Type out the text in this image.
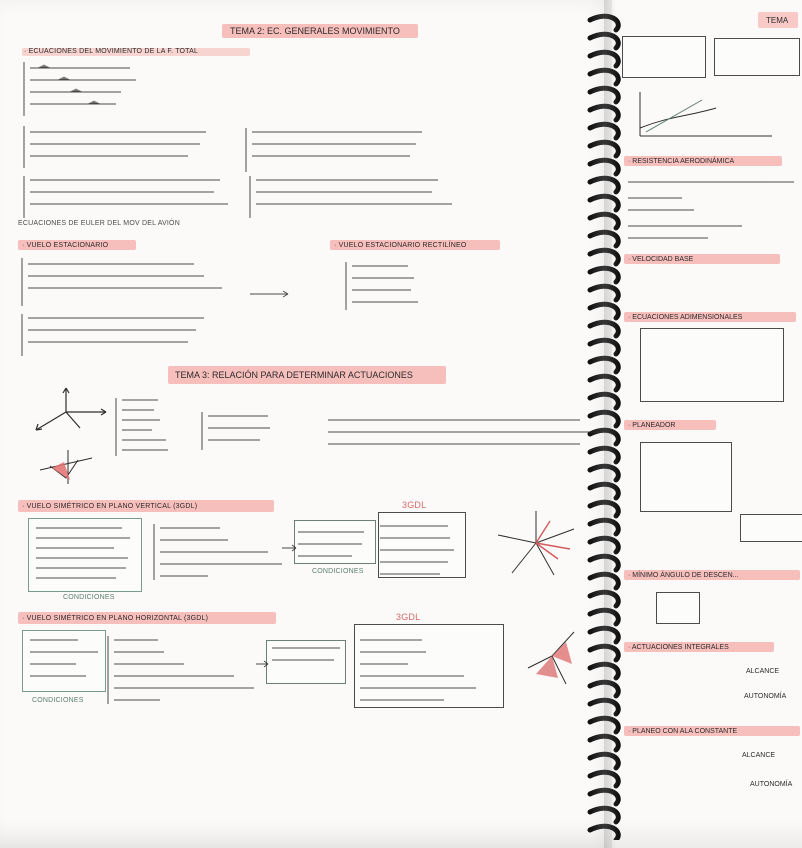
TEMA 2: EC. GENERALES MOVIMIENTO
· ECUACIONES DEL MOVIMIENTO DE LA F. TOTAL
ECUACIONES DE EULER DEL MOV DEL AVIÓN
· VUELO ESTACIONARIO	· VUELO ESTACIONARIO RECTILÍNEO
TEMA 3: RELACIÓN PARA DETERMINAR ACTUACIONES
· VUELO SIMÉTRICO EN PLANO VERTICAL (3GDL)	3GDL
CONDICIONES
CONDICIONES
· VUELO SIMÉTRICO EN PLANO HORIZONTAL (3GDL)	3GDL
CONDICIONES
TEMA
· RESISTENCIA AERODINÁMICA
· VELOCIDAD BASE
· ECUACIONES ADIMENSIONALES
· PLANEADOR
· MÍNIMO ÁNGULO DE DESCEN...
· ACTUACIONES INTEGRALES
ALCANCE
AUTONOMÍA
· PLANEO CON ALA CONSTANTE
ALCANCE
AUTONOMÍA
